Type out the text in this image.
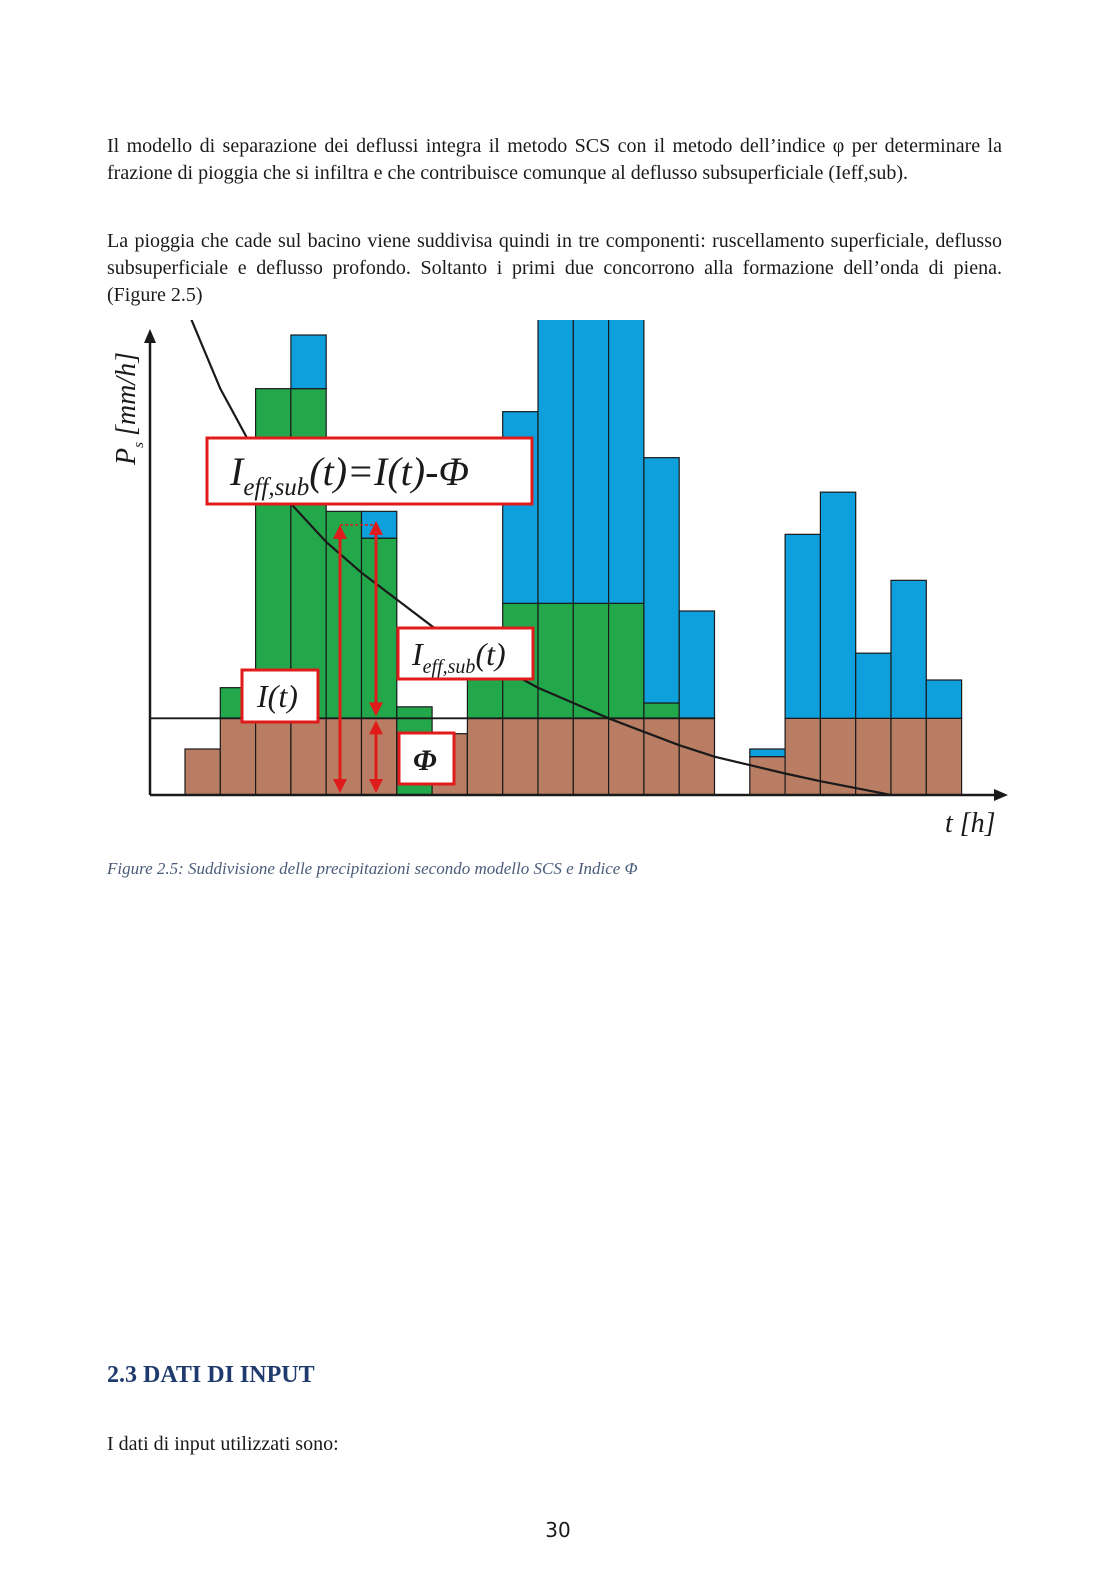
Il modello di separazione dei deflussi integra il metodo SCS con il metodo dell’indice φ per determinare la frazione di pioggia che si infiltra e che contribuisce comunque al deflusso subsuperficiale (Ieff,sub).

La pioggia che cade sul bacino viene suddivisa quindi in tre componenti: ruscellamento superficiale, deflusso subsuperficiale e deflusso profondo. Soltanto i primi due concorrono alla formazione dell’onda di piena. (Figure 2.5)

$P_s[mm/h]$
t [h]
$I_{eff,sub}(t)=I(t)-\Phi$
$I_{eff,sub}(t)$
I(t)
Φ
Figure 2.5: Suddivisione delle precipitazioni secondo modello SCS e Indice Φ
2.3 DATI DI INPUT

I dati di input utilizzati sono:

30
